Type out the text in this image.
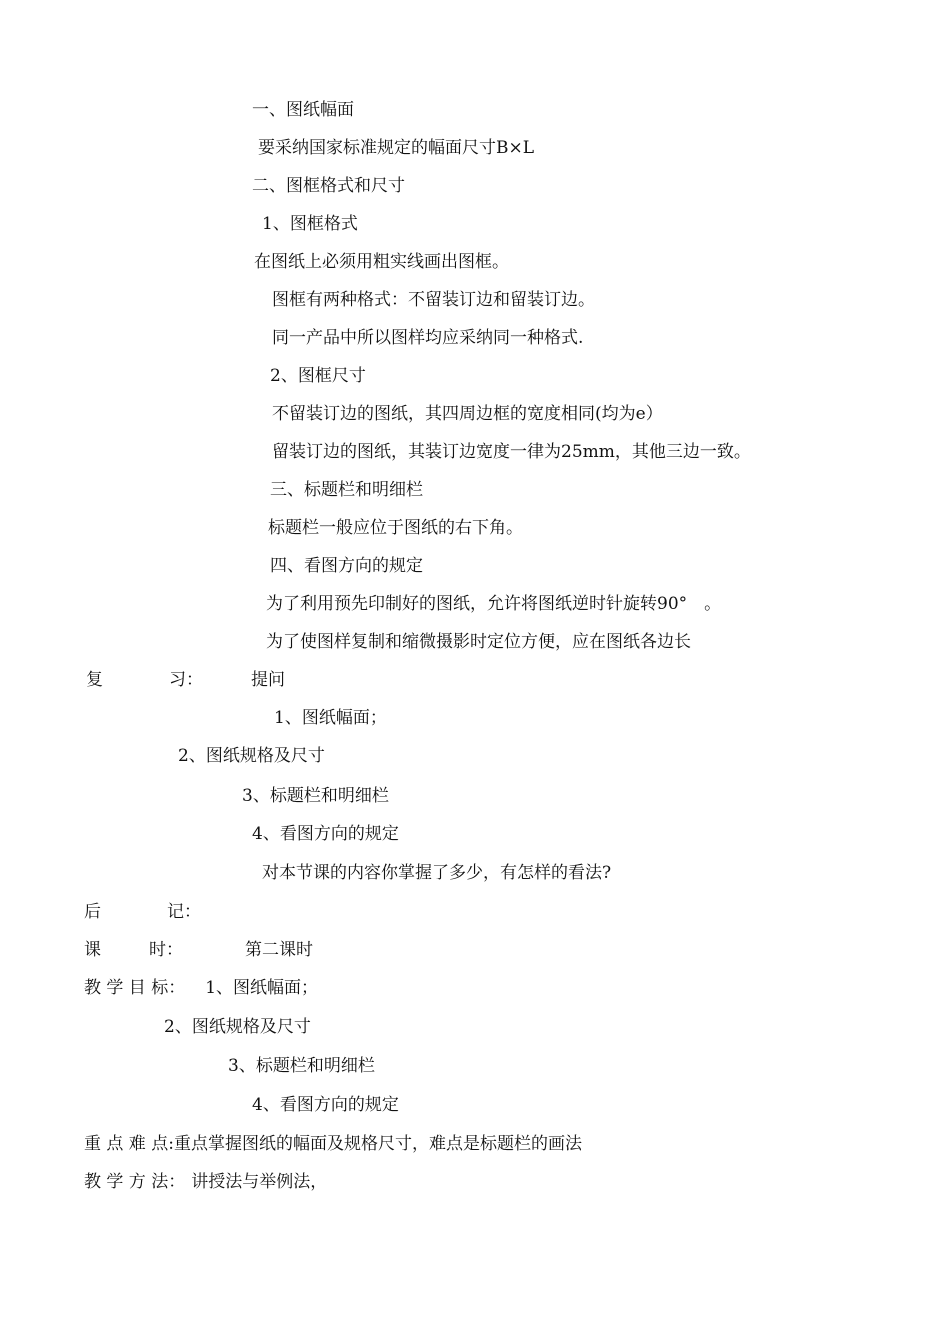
一、图纸幅面
要采纳国家标准规定的幅面尺寸B×L
二、图框格式和尺寸
1、图框格式
在图纸上必须用粗实线画出图框。
图框有两种格式：不留装订边和留装订边。
同一产品中所以图样均应采纳同一种格式.
2、图框尺寸
不留装订边的图纸，其四周边框的宽度相同(均为e）
留装订边的图纸，其装订边宽度一律为25mm，其他三边一致。
三、标题栏和明细栏
标题栏一般应位于图纸的右下角。
四、看图方向的规定
为了利用预先印制好的图纸，允许将图纸逆时针旋转90°　。
为了使图样复制和缩微摄影时定位方便，应在图纸各边长
复	习：	提问
1、图纸幅面；
2、图纸规格及尺寸
3、标题栏和明细栏
4、看图方向的规定
对本节课的内容你掌握了多少，有怎样的看法?
后	记：
课	时：	第二课时
教 学 目 标： 1、图纸幅面；
2、图纸规格及尺寸
3、标题栏和明细栏
4、看图方向的规定
重 点 难 点:重点掌握图纸的幅面及规格尺寸，难点是标题栏的画法
教 学 方 法： 讲授法与举例法，
